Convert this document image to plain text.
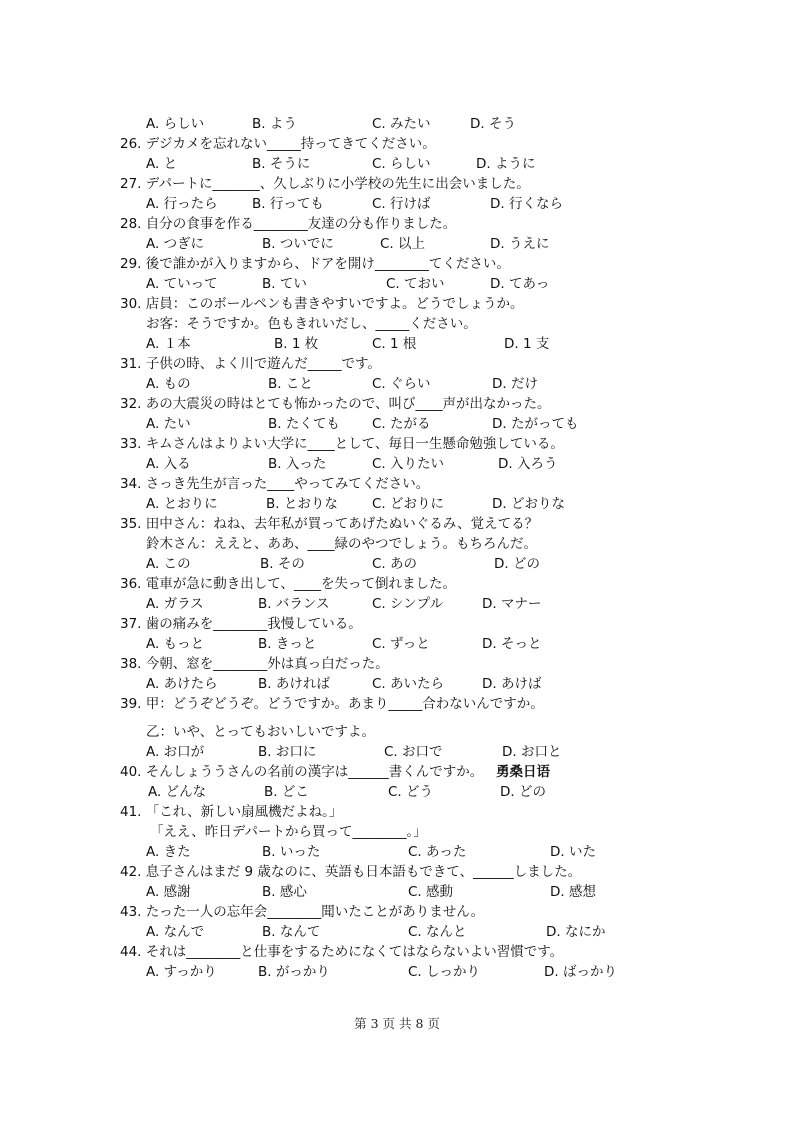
A. らしい	B. よう	C. みたい	D. そう
26. デジカメを忘れない_____持ってきてください。
A. と	B. そうに	C. らしい	D. ように
27. デパートに_______、久しぶりに小学校の先生に出会いました。
A. 行ったら	B. 行っても	C. 行けば	D. 行くなら
28. 自分の食事を作る________友達の分も作りました。
A. つぎに	B. ついでに	C. 以上	D. うえに
29. 後で誰かが入りますから、ドアを開け________てください。
A. ていって	B. てい	C. ておい	D. てあっ
30. 店員：このボールペンも書きやすいですよ。どうでしょうか。
お客：そうですか。色もきれいだし、_____ください。
A. １本	B. 1 枚	C. 1 根	D. 1 支
31. 子供の時、よく川で遊んだ_____です。
A. もの	B. こと	C. ぐらい	D. だけ
32. あの大震災の時はとても怖かったので、叫び____声が出なかった。
A. たい	B. たくても C. たがる	D. たがっても
33. キムさんはよりよい大学に____として、毎日一生懸命勉強している。
A. 入る	B. 入った	C. 入りたい	D. 入ろう
34. さっき先生が言った____やってみてください。
A. とおりに	B. とおりな	C. どおりに	D. どおりな
35. 田中さん：ねね、去年私が買ってあげたぬいぐるみ、覚えてる？
鈴木さん：ええと、ああ、____緑のやつでしょう。もちろんだ。
A. この	B. その	C. あの	D. どの
36. 電車が急に動き出して、____を失って倒れました。
A. ガラス	B. バランス	C. シンプル	D. マナー
37. 歯の痛みを________我慢している。
A. もっと	B. きっと	C. ずっと	D. そっと
38. 今朝、窓を________外は真っ白だった。
A. あけたら	B. あければ	C. あいたら	D. あけば
39. 甲：どうぞどうぞ。どうですか。あまり_____合わないんですか。
乙：いや、とってもおいしいですよ。
A. お口が	B. お口に	C. お口で	D. お口と
40. そんしょううさんの名前の漢字は______書くんですか。 勇桑日语
A. どんな	B. どこ	C. どう	D. どの
41. 「これ、新しい扇風機だよね。」
「ええ、昨日デパートから買って________。」
A. きた	B. いった	C. あった	D. いた
42. 息子さんはまだ 9 歳なのに、英語も日本語もできて、______しました。
A. 感謝	B. 感心	C. 感動	D. 感想
43. たった一人の忘年会________聞いたことがありません。
A. なんで	B. なんて	C. なんと	D. なにか
44. それは________と仕事をするためになくてはならないよい習慣です。
A. すっかり	B. がっかり	C. しっかり	D. ばっかり
第 3 页 共 8 页
